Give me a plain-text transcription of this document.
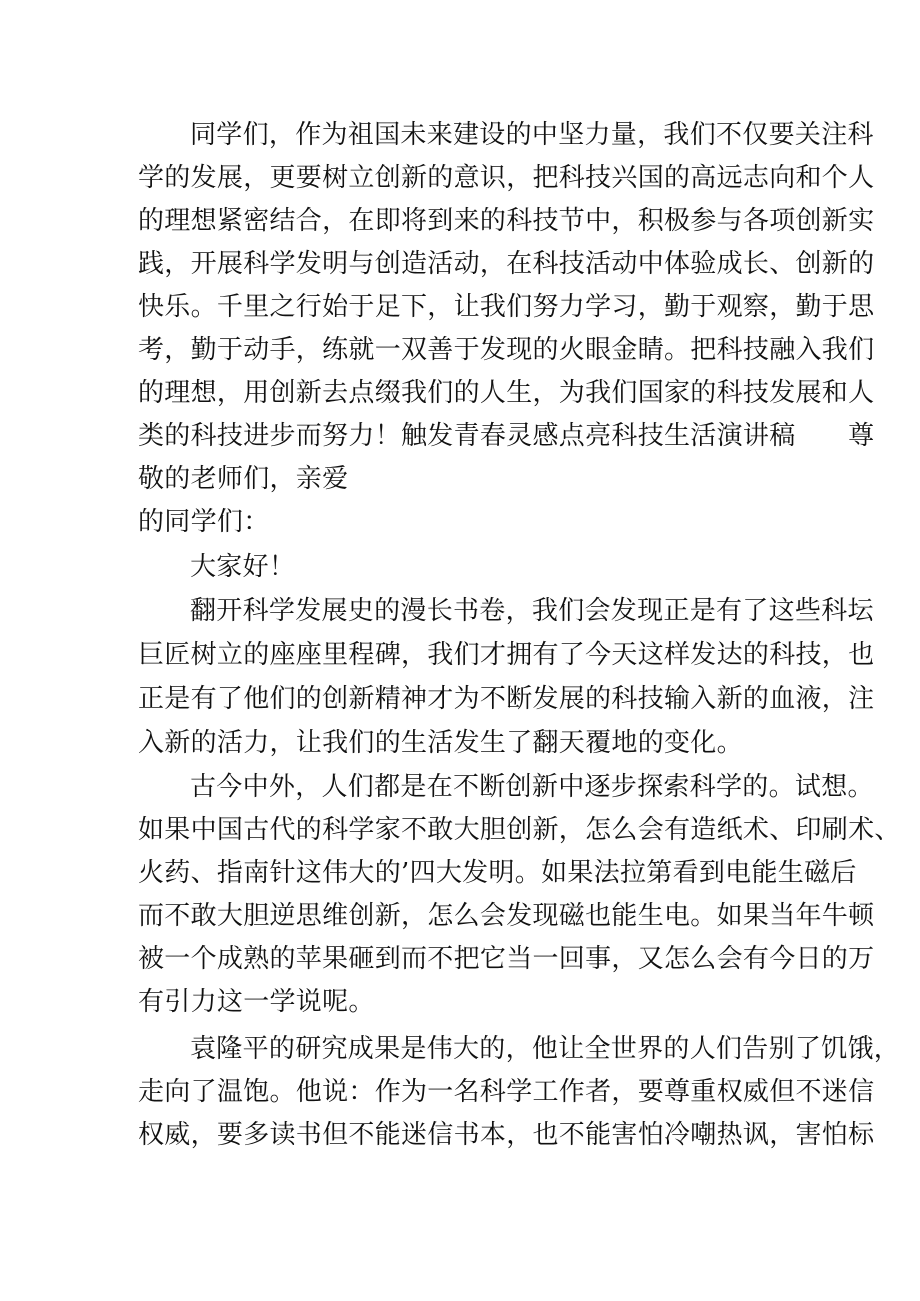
同学们，作为祖国未来建设的中坚力量，我们不仅要关注科
学的发展，更要树立创新的意识，把科技兴国的高远志向和个人
的理想紧密结合，在即将到来的科技节中，积极参与各项创新实
践，开展科学发明与创造活动，在科技活动中体验成长、创新的
快乐。千里之行始于足下，让我们努力学习，勤于观察，勤于思
考，勤于动手，练就一双善于发现的火眼金睛。把科技融入我们
的理想，用创新去点缀我们的人生，为我们国家的科技发展和人
类的科技进步而努力！触发青春灵感点亮科技生活演讲稿　　尊
敬的老师们，亲爱
的同学们：
大家好！
翻开科学发展史的漫长书卷，我们会发现正是有了这些科坛
巨匠树立的座座里程碑，我们才拥有了今天这样发达的科技，也
正是有了他们的创新精神才为不断发展的科技输入新的血液，注
入新的活力，让我们的生活发生了翻天覆地的变化。
古今中外，人们都是在不断创新中逐步探索科学的。试想。
如果中国古代的科学家不敢大胆创新，怎么会有造纸术、印刷术、
火药、指南针这伟大的’四大发明。如果法拉第看到电能生磁后
而不敢大胆逆思维创新，怎么会发现磁也能生电。如果当年牛顿
被一个成熟的苹果砸到而不把它当一回事，又怎么会有今日的万
有引力这一学说呢。
袁隆平的研究成果是伟大的，他让全世界的人们告别了饥饿，
走向了温饱。他说：作为一名科学工作者，要尊重权威但不迷信
权威，要多读书但不能迷信书本，也不能害怕冷嘲热讽，害怕标
